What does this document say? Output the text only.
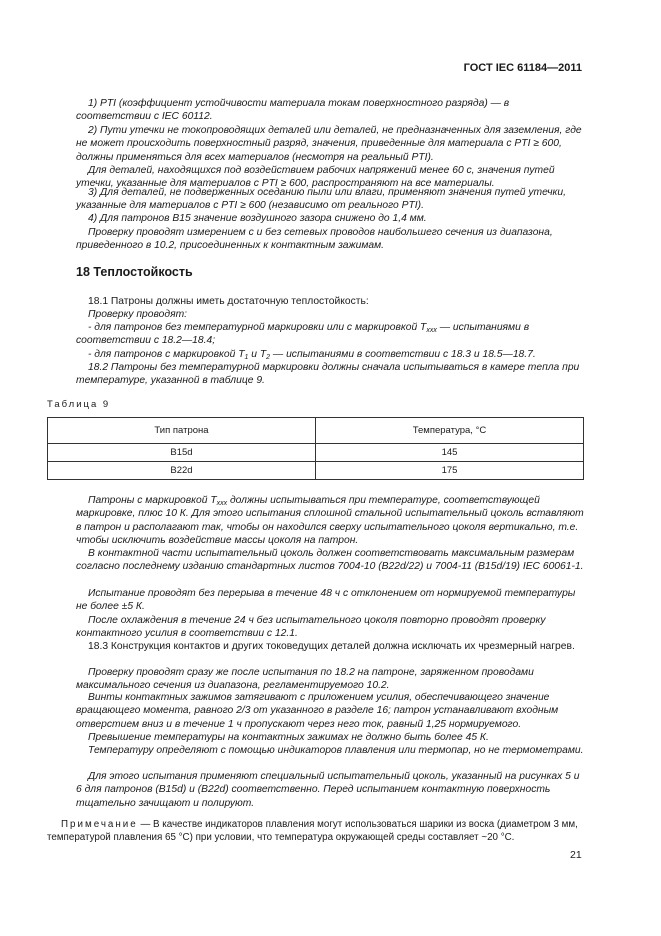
ГОСТ IEC 61184—2011
1) PTI (коэффициент устойчивости материала токам поверхностного разряда) — в соответствии с IEC 60112.
2) Пути утечки не токопроводящих деталей или деталей, не предназначенных для заземления, где не может происходить поверхностный разряд, значения, приведенные для материала с PTI ≥ 600, должны применяться для всех материалов (несмотря на реальный PTI).
Для деталей, находящихся под воздействием рабочих напряжений менее 60 с, значения путей утечки, указанные для материалов с PTI ≥ 600, распространяют на все материалы.
3) Для деталей, не подверженных оседанию пыли или влаги, применяют значения путей утечки, указанные для материалов с PTI ≥ 600 (независимо от реального PTI).
4) Для патронов B15 значение воздушного зазора снижено до 1,4 мм.
Проверку проводят измерением с и без сетевых проводов наибольшего сечения из диапазона, приведенного в 10.2, присоединенных к контактным зажимам.
18 Теплостойкость
18.1 Патроны должны иметь достаточную теплостойкость:
Проверку проводят:
- для патронов без температурной маркировки или с маркировкой $T_{xxx}$ — испытаниями в соответствии с 18.2—18.4;
- для патронов с маркировкой $T_1$ и $T_2$ — испытаниями в соответствии с 18.3 и 18.5—18.7.
18.2 Патроны без температурной маркировки должны сначала испытываться в камере тепла при температуре, указанной в таблице 9.
Таблица 9
Тип патрона	Температура, °С
B15d	145
B22d	175
Патроны с маркировкой $T_{xxx}$ должны испытываться при температуре, соответствующей маркировке, плюс 10 К. Для этого испытания сплошной стальной испытательный цоколь вставляют в патрон и располагают так, чтобы он находился сверху испытательного цоколя вертикально, т.е. чтобы исключить воздействие массы цоколя на патрон.
В контактной части испытательный цоколь должен соответствовать максимальным размерам согласно последнему изданию стандартных листов 7004-10 (B22d/22) и 7004-11 (B15d/19) IEC 60061-1.
Испытание проводят без перерыва в течение 48 ч с отклонением от нормируемой температуры не более ±5 К.
После охлаждения в течение 24 ч без испытательного цоколя повторно проводят проверку контактного усилия в соответствии с 12.1.
18.3 Конструкция контактов и других токоведущих деталей должна исключать их чрезмерный нагрев.
Проверку проводят сразу же после испытания по 18.2 на патроне, заряженном проводами максимального сечения из диапазона, регламентируемого 10.2.
Винты контактных зажимов затягивают с приложением усилия, обеспечивающего значение вращающего момента, равного 2/3 от указанного в разделе 16; патрон устанавливают входным отверстием вниз и в течение 1 ч пропускают через него ток, равный 1,25 нормируемого.
Превышение температуры на контактных зажимах не должно быть более 45 К.
Температуру определяют с помощью индикаторов плавления или термопар, но не термометрами.
Для этого испытания применяют специальный испытательный цоколь, указанный на рисунках 5 и 6 для патронов (B15d) и (B22d) соответственно. Перед испытанием контактную поверхность тщательно зачищают и полируют.
Примечание — В качестве индикаторов плавления могут использоваться шарики из воска (диаметром 3 мм, температурой плавления 65 °С) при условии, что температура окружающей среды составляет ~20 °С.
21
